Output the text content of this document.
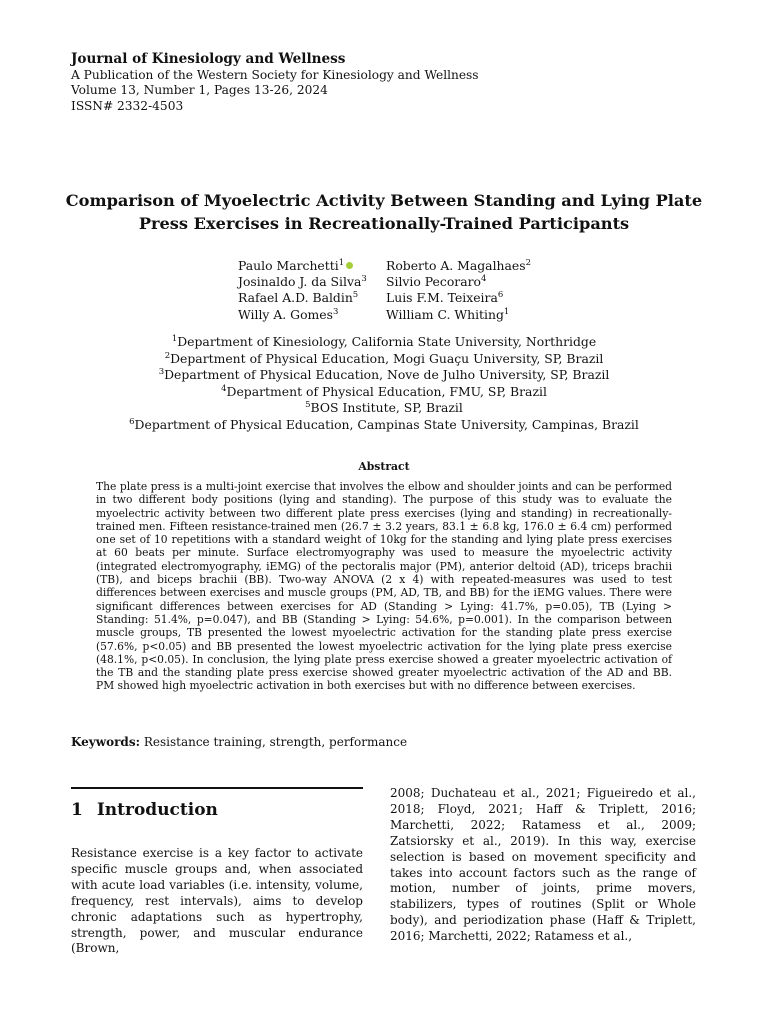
Journal of Kinesiology and Wellness
A Publication of the Western Society for Kinesiology and Wellness
Volume 13, Number 1, Pages 13-26, 2024
ISSN# 2332-4503
Comparison of Myoelectric Activity Between Standing and Lying Plate Press Exercises in Recreationally-Trained Participants
Paulo Marchetti$^1$
Josinaldo J. da Silva$^3$
Rafael A.D. Baldin$^5$
Willy A. Gomes$^3$
Roberto A. Magalhaes$^2$
Silvio Pecoraro$^4$
Luis F.M. Teixeira$^6$
William C. Whiting$^1$
$^1$Department of Kinesiology, California State University, Northridge
$^2$Department of Physical Education, Mogi Guaçu University, SP, Brazil
$^3$Department of Physical Education, Nove de Julho University, SP, Brazil
$^4$Department of Physical Education, FMU, SP, Brazil
$^5$BOS Institute, SP, Brazil
$^6$Department of Physical Education, Campinas State University, Campinas, Brazil
Abstract

The plate press is a multi-joint exercise that involves the elbow and shoulder joints and can be performed in two different body positions (lying and standing). The purpose of this study was to evaluate the myoelectric activity between two different plate press exercises (lying and standing) in recreationally-trained men. Fifteen resistance-trained men (26.7 ± 3.2 years, 83.1 ± 6.8 kg, 176.0 ± 6.4 cm) performed one set of 10 repetitions with a standard weight of 10kg for the standing and lying plate press exercises at 60 beats per minute. Surface electromyography was used to measure the myoelectric activity (integrated electromyography, iEMG) of the pectoralis major (PM), anterior deltoid (AD), triceps brachii (TB), and biceps brachii (BB). Two-way ANOVA (2 x 4) with repeated-measures was used to test differences between exercises and muscle groups (PM, AD, TB, and BB) for the iEMG values. There were significant differences between exercises for AD (Standing > Lying: 41.7%, p=0.05), TB (Lying > Standing: 51.4%, p=0.047), and BB (Standing > Lying: 54.6%, p=0.001). In the comparison between muscle groups, TB presented the lowest myoelectric activation for the standing plate press exercise (57.6%, p<0.05) and BB presented the lowest myoelectric activation for the lying plate press exercise (48.1%, p<0.05). In conclusion, the lying plate press exercise showed a greater myoelectric activation of the TB and the standing plate press exercise showed greater myoelectric activation of the AD and BB. PM showed high myoelectric activation in both exercises but with no difference between exercises.

Keywords: Resistance training, strength, performance
1 Introduction

Resistance exercise is a key factor to activate specific muscle groups and, when associated with acute load variables (i.e. intensity, volume, frequency, rest intervals), aims to develop chronic adaptations such as hypertrophy, strength, power, and muscular endurance (Brown,

2008; Duchateau et al., 2021; Figueiredo et al., 2018; Floyd, 2021; Haff & Triplett, 2016; Marchetti, 2022; Ratamess et al., 2009; Zatsiorsky et al., 2019). In this way, exercise selection is based on movement specificity and takes into account factors such as the range of motion, number of joints, prime movers, stabilizers, types of routines (Split or Whole body), and periodization phase (Haff & Triplett, 2016; Marchetti, 2022; Ratamess et al.,
